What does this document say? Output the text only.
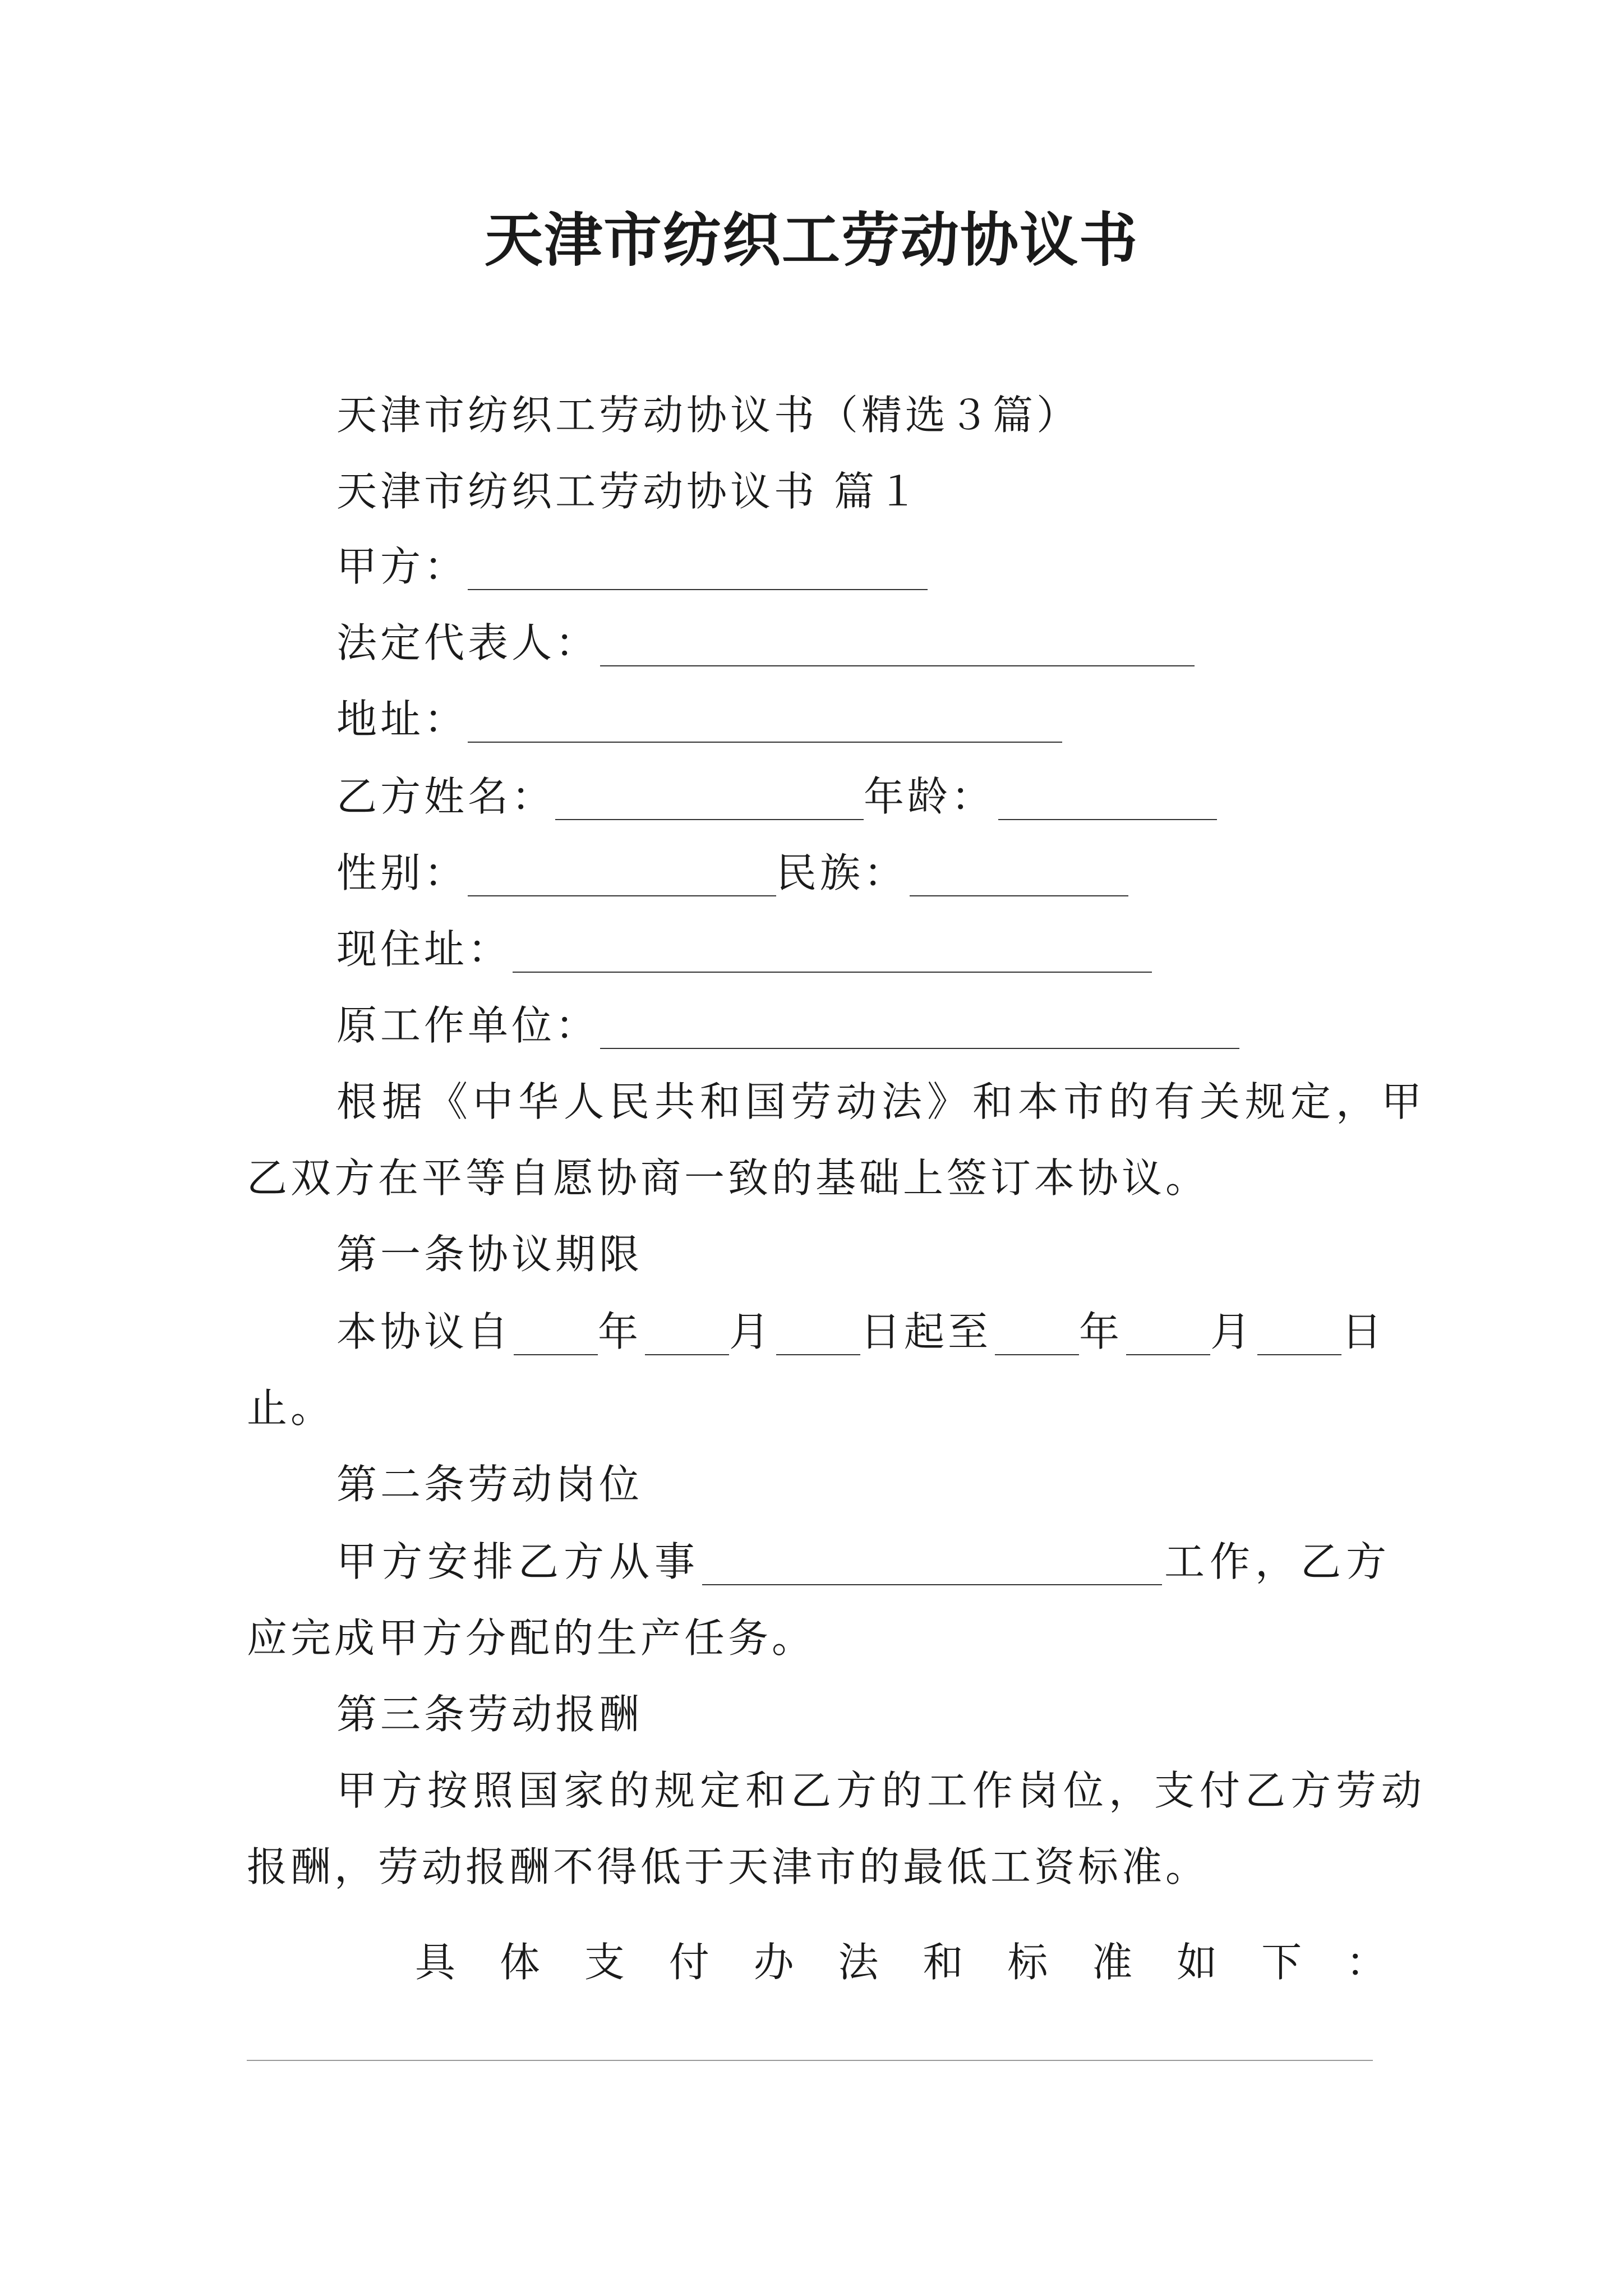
天津市纺织工劳动协议书
天津市纺织工劳动协议书（精选３篇）
天津市纺织工劳动协议书 篇１
甲方：
法定代表人：
地址：
乙方姓名：	年龄：
性别：	民族：
现住址：
原工作单位：
根据《中华人民共和国劳动法》和本市的有关规定，甲
乙双方在平等自愿协商一致的基础上签订本协议。
第一条协议期限
本协议自 年 月 日起至 年 月 日
止。
第二条劳动岗位
甲方安排乙方从事	工作，乙方
应完成甲方分配的生产任务。
第三条劳动报酬
甲方按照国家的规定和乙方的工作岗位，支付乙方劳动
报酬，劳动报酬不得低于天津市的最低工资标准。
具 体 支 付 办 法 和 标 准 如 下 ：
